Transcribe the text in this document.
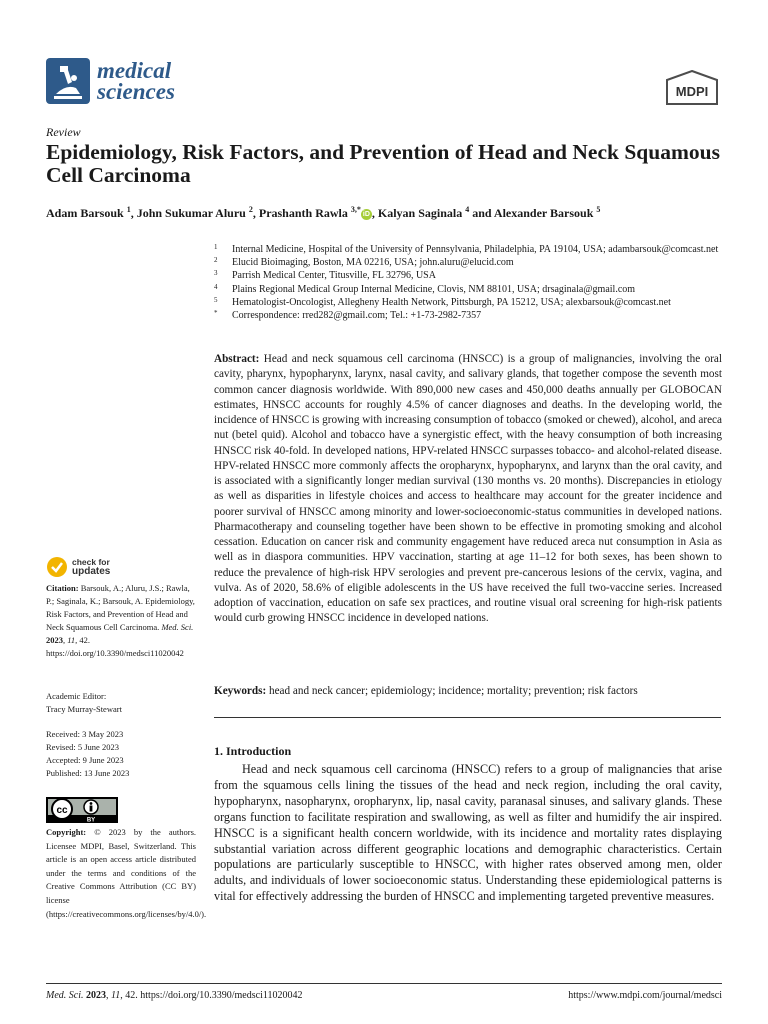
medical
sciences	MDPI
Review
Epidemiology, Risk Factors, and Prevention of Head and Neck Squamous Cell Carcinoma
Adam Barsouk $^1$, John Sukumar Aluru $^2$, Prashanth Rawla $^{3,*}$iD , Kalyan Saginala $^4$ and Alexander Barsouk $^5$
1	Internal Medicine, Hospital of the University of Pennsylvania, Philadelphia, PA 19104, USA; adambarsouk@comcast.net
2	Elucid Bioimaging, Boston, MA 02216, USA; john.aluru@elucid.com
3	Parrish Medical Center, Titusville, FL 32796, USA
4	Plains Regional Medical Group Internal Medicine, Clovis, NM 88101, USA; drsaginala@gmail.com
5	Hematologist-Oncologist, Allegheny Health Network, Pittsburgh, PA 15212, USA; alexbarsouk@comcast.net
*	Correspondence: rred282@gmail.com; Tel.: +1-73-2982-7357
Abstract: Head and neck squamous cell carcinoma (HNSCC) is a group of malignancies, involving the oral cavity, pharynx, hypopharynx, larynx, nasal cavity, and salivary glands, that together compose the seventh most common cancer diagnosis worldwide. With 890,000 new cases and 450,000 deaths annually per GLOBOCAN estimates, HNSCC accounts for roughly 4.5% of cancer diagnoses and deaths. In the developing world, the incidence of HNSCC is growing with increasing consumption of tobacco (smoked or chewed), alcohol, and areca nut (betel quid). Alcohol and tobacco have a synergistic effect, with the heavy consumption of both increasing HNSCC risk 40-fold. In developed nations, HPV-related HNSCC surpasses tobacco- and alcohol-related disease. HPV-related HNSCC more commonly affects the oropharynx, hypopharynx, and larynx than the oral cavity, and is associated with a significantly longer median survival (130 months vs. 20 months). Discrepancies in etiology as well as disparities in lifestyle choices and access to healthcare may account for the greater incidence and poorer survival of HNSCC among minority and lower-socioeconomic-status communities in developed nations. Pharmacotherapy and counseling together have been shown to be effective in promoting smoking and alcohol cessation. Education on cancer risk and community engagement have reduced areca nut consumption in Asia as well as in diaspora communities. HPV vaccination, starting at age 11–12 for both sexes, has been shown to reduce the prevalence of high-risk HPV serologies and prevent pre-cancerous lesions of the cervix, vagina, and vulva. As of 2020, 58.6% of eligible adolescents in the US have received the full two-vaccine series. Increased adoption of vaccination, education on safe sex practices, and routine visual oral screening for high-risk patients would curb growing HNSCC incidence in developed nations.
Keywords: head and neck cancer; epidemiology; incidence; mortality; prevention; risk factors
1. Introduction
Head and neck squamous cell carcinoma (HNSCC) refers to a group of malignancies that arise from the squamous cells lining the tissues of the head and neck region, including the oral cavity, hypopharynx, nasopharynx, oropharynx, lip, nasal cavity, paranasal sinuses, and salivary glands. These organs function to facilitate respiration and swallowing, as well as filter and humidify the air inspired. HNSCC is a significant health concern worldwide, with its incidence and mortality rates displaying substantial variation across different geographic locations and demographic characteristics. Certain populations are particularly susceptible to HNSCC, with higher rates observed among men, older adults, and individuals of lower socioeconomic status. Understanding these epidemiological patterns is vital for effectively addressing the burden of HNSCC and implementing targeted preventive measures.
check for
updates
Citation: Barsouk, A.; Aluru, J.S.; Rawla, P.; Saginala, K.; Barsouk, A. Epidemiology, Risk Factors, and Prevention of Head and Neck Squamous Cell Carcinoma. Med. Sci. 2023, 11, 42. https://doi.org/10.3390/medsci11020042
Academic Editor:
Tracy Murray-Stewart
Received: 3 May 2023
Revised: 5 June 2023
Accepted: 9 June 2023
Published: 13 June 2023
cc
BY
Copyright: © 2023 by the authors. Licensee MDPI, Basel, Switzerland. This article is an open access article distributed under the terms and conditions of the Creative Commons Attribution (CC BY) license (https://creativecommons.org/licenses/by/4.0/).
Med. Sci. 2023, 11, 42. https://doi.org/10.3390/medsci11020042	https://www.mdpi.com/journal/medsci
